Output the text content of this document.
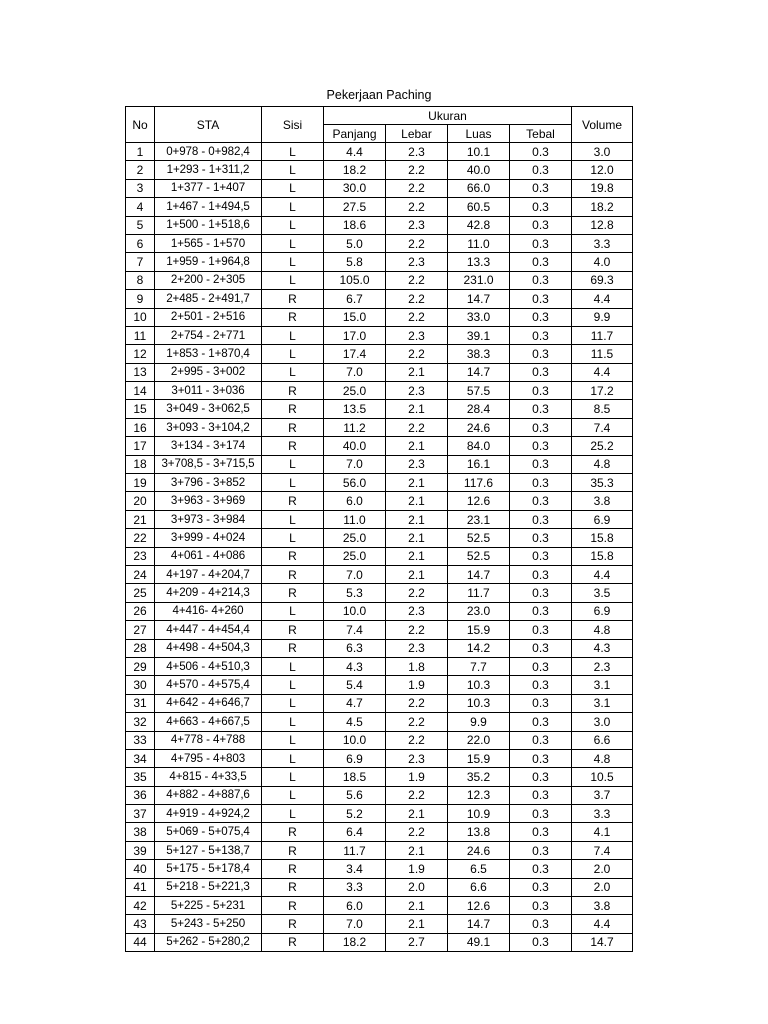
Pekerjaan Paching
No	STA	Sisi	Ukuran				Volume
			Panjang	Lebar	Luas	Tebal	
1	0+978 - 0+982,4	L	4.4	2.3	10.1	0.3	3.0
2	1+293 - 1+311,2	L	18.2	2.2	40.0	0.3	12.0
3	1+377 - 1+407	L	30.0	2.2	66.0	0.3	19.8
4	1+467 - 1+494,5	L	27.5	2.2	60.5	0.3	18.2
5	1+500 - 1+518,6	L	18.6	2.3	42.8	0.3	12.8
6	1+565 - 1+570	L	5.0	2.2	11.0	0.3	3.3
7	1+959 - 1+964,8	L	5.8	2.3	13.3	0.3	4.0
8	2+200 - 2+305	L	105.0	2.2	231.0	0.3	69.3
9	2+485 - 2+491,7	R	6.7	2.2	14.7	0.3	4.4
10	2+501 - 2+516	R	15.0	2.2	33.0	0.3	9.9
11	2+754 - 2+771	L	17.0	2.3	39.1	0.3	11.7
12	1+853 - 1+870,4	L	17.4	2.2	38.3	0.3	11.5
13	2+995 - 3+002	L	7.0	2.1	14.7	0.3	4.4
14	3+011 - 3+036	R	25.0	2.3	57.5	0.3	17.2
15	3+049 - 3+062,5	R	13.5	2.1	28.4	0.3	8.5
16	3+093 - 3+104,2	R	11.2	2.2	24.6	0.3	7.4
17	3+134 - 3+174	R	40.0	2.1	84.0	0.3	25.2
18	3+708,5 - 3+715,5	L	7.0	2.3	16.1	0.3	4.8
19	3+796 - 3+852	L	56.0	2.1	117.6	0.3	35.3
20	3+963 - 3+969	R	6.0	2.1	12.6	0.3	3.8
21	3+973 - 3+984	L	11.0	2.1	23.1	0.3	6.9
22	3+999 - 4+024	L	25.0	2.1	52.5	0.3	15.8
23	4+061 - 4+086	R	25.0	2.1	52.5	0.3	15.8
24	4+197 - 4+204,7	R	7.0	2.1	14.7	0.3	4.4
25	4+209 - 4+214,3	R	5.3	2.2	11.7	0.3	3.5
26	4+416- 4+260	L	10.0	2.3	23.0	0.3	6.9
27	4+447 - 4+454,4	R	7.4	2.2	15.9	0.3	4.8
28	4+498 - 4+504,3	R	6.3	2.3	14.2	0.3	4.3
29	4+506 - 4+510,3	L	4.3	1.8	7.7	0.3	2.3
30	4+570 - 4+575,4	L	5.4	1.9	10.3	0.3	3.1
31	4+642 - 4+646,7	L	4.7	2.2	10.3	0.3	3.1
32	4+663 - 4+667,5	L	4.5	2.2	9.9	0.3	3.0
33	4+778 - 4+788	L	10.0	2.2	22.0	0.3	6.6
34	4+795 - 4+803	L	6.9	2.3	15.9	0.3	4.8
35	4+815 - 4+33,5	L	18.5	1.9	35.2	0.3	10.5
36	4+882 - 4+887,6	L	5.6	2.2	12.3	0.3	3.7
37	4+919 - 4+924,2	L	5.2	2.1	10.9	0.3	3.3
38	5+069 - 5+075,4	R	6.4	2.2	13.8	0.3	4.1
39	5+127 - 5+138,7	R	11.7	2.1	24.6	0.3	7.4
40	5+175 - 5+178,4	R	3.4	1.9	6.5	0.3	2.0
41	5+218 - 5+221,3	R	3.3	2.0	6.6	0.3	2.0
42	5+225 - 5+231	R	6.0	2.1	12.6	0.3	3.8
43	5+243 - 5+250	R	7.0	2.1	14.7	0.3	4.4
44	5+262 - 5+280,2	R	18.2	2.7	49.1	0.3	14.7
